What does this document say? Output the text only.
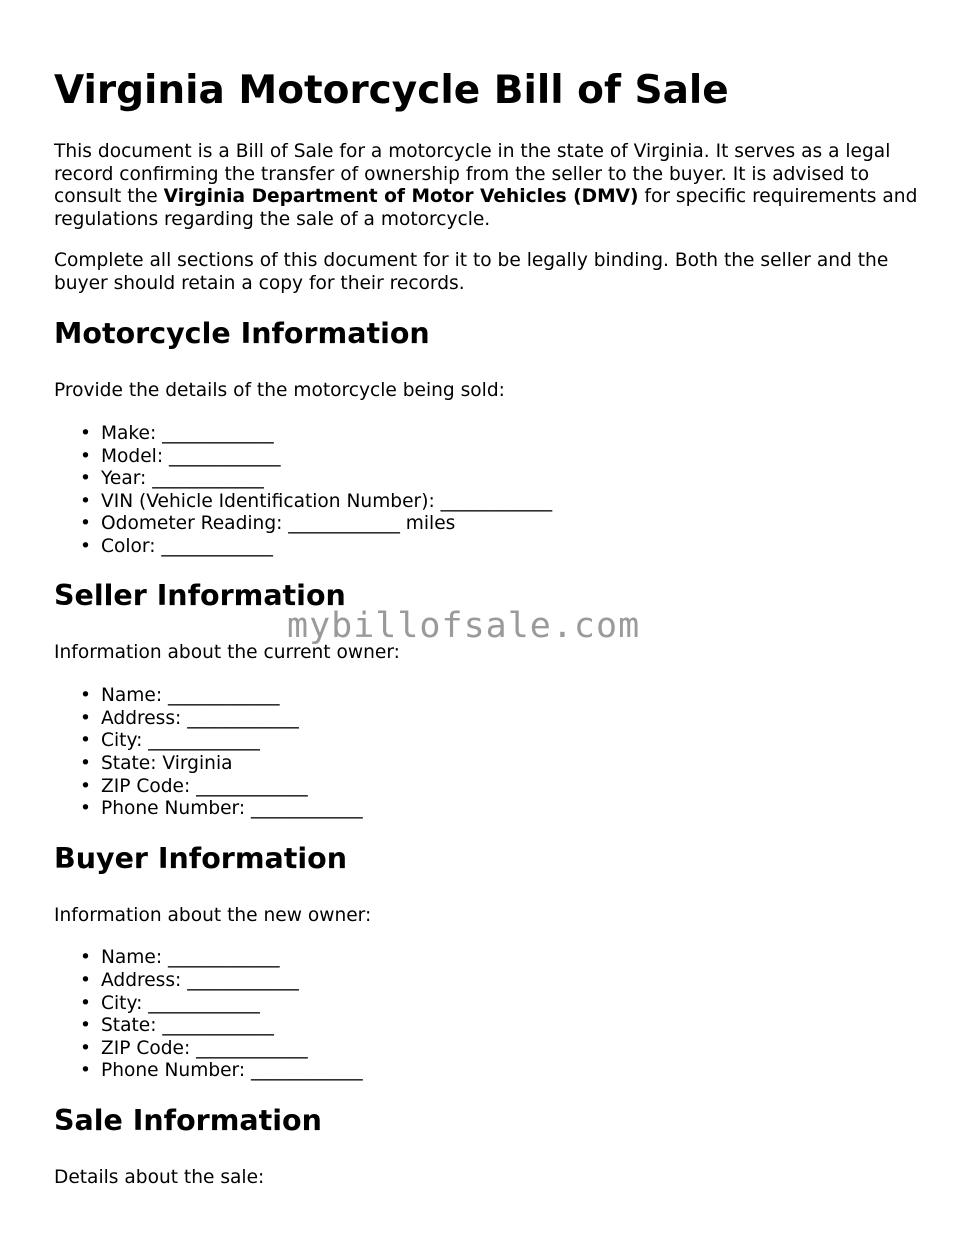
Virginia Motorcycle Bill of Sale

This document is a Bill of Sale for a motorcycle in the state of Virginia. It serves as a legal record confirming the transfer of ownership from the seller to the buyer. It is advised to consult the Virginia Department of Motor Vehicles (DMV) for specific requirements and regulations regarding the sale of a motorcycle.

Complete all sections of this document for it to be legally binding. Both the seller and the buyer should retain a copy for their records.

Motorcycle Information

Provide the details of the motorcycle being sold:

• Make: ____________
• Model: ____________
• Year: ____________
• VIN (Vehicle Identification Number): ____________
• Odometer Reading: ____________ miles
• Color: ____________
Seller Information

Information about the current owner:

• Name: ____________
• Address: ____________
• City: ____________
• State: Virginia
• ZIP Code: ____________
• Phone Number: ____________
Buyer Information

Information about the new owner:

• Name: ____________
• Address: ____________
• City: ____________
• State: ____________
• ZIP Code: ____________
• Phone Number: ____________
Sale Information

Details about the sale:

mybillofsale.com
